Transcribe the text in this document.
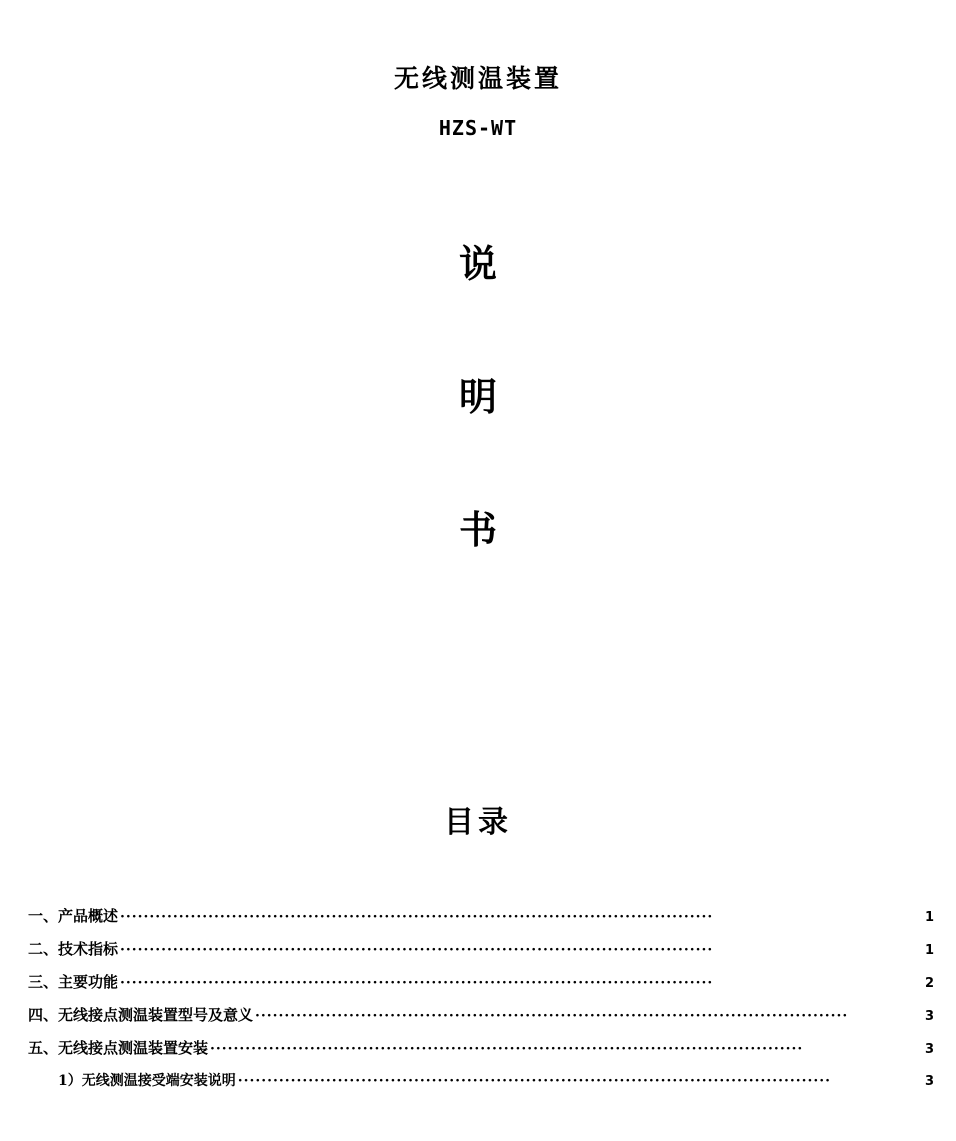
无线测温装置
HZS-WT
说
明
书
目录
一、产品概述 ·····································································································	1
二、技术指标 ·····································································································	1
三、主要功能 ·····································································································	2
四、无线接点测温装置型号及意义 ·····································································································	3
五、无线接点测温装置安装 ·····································································································	3
1）无线测温接受端安装说明 ·····································································································	3
